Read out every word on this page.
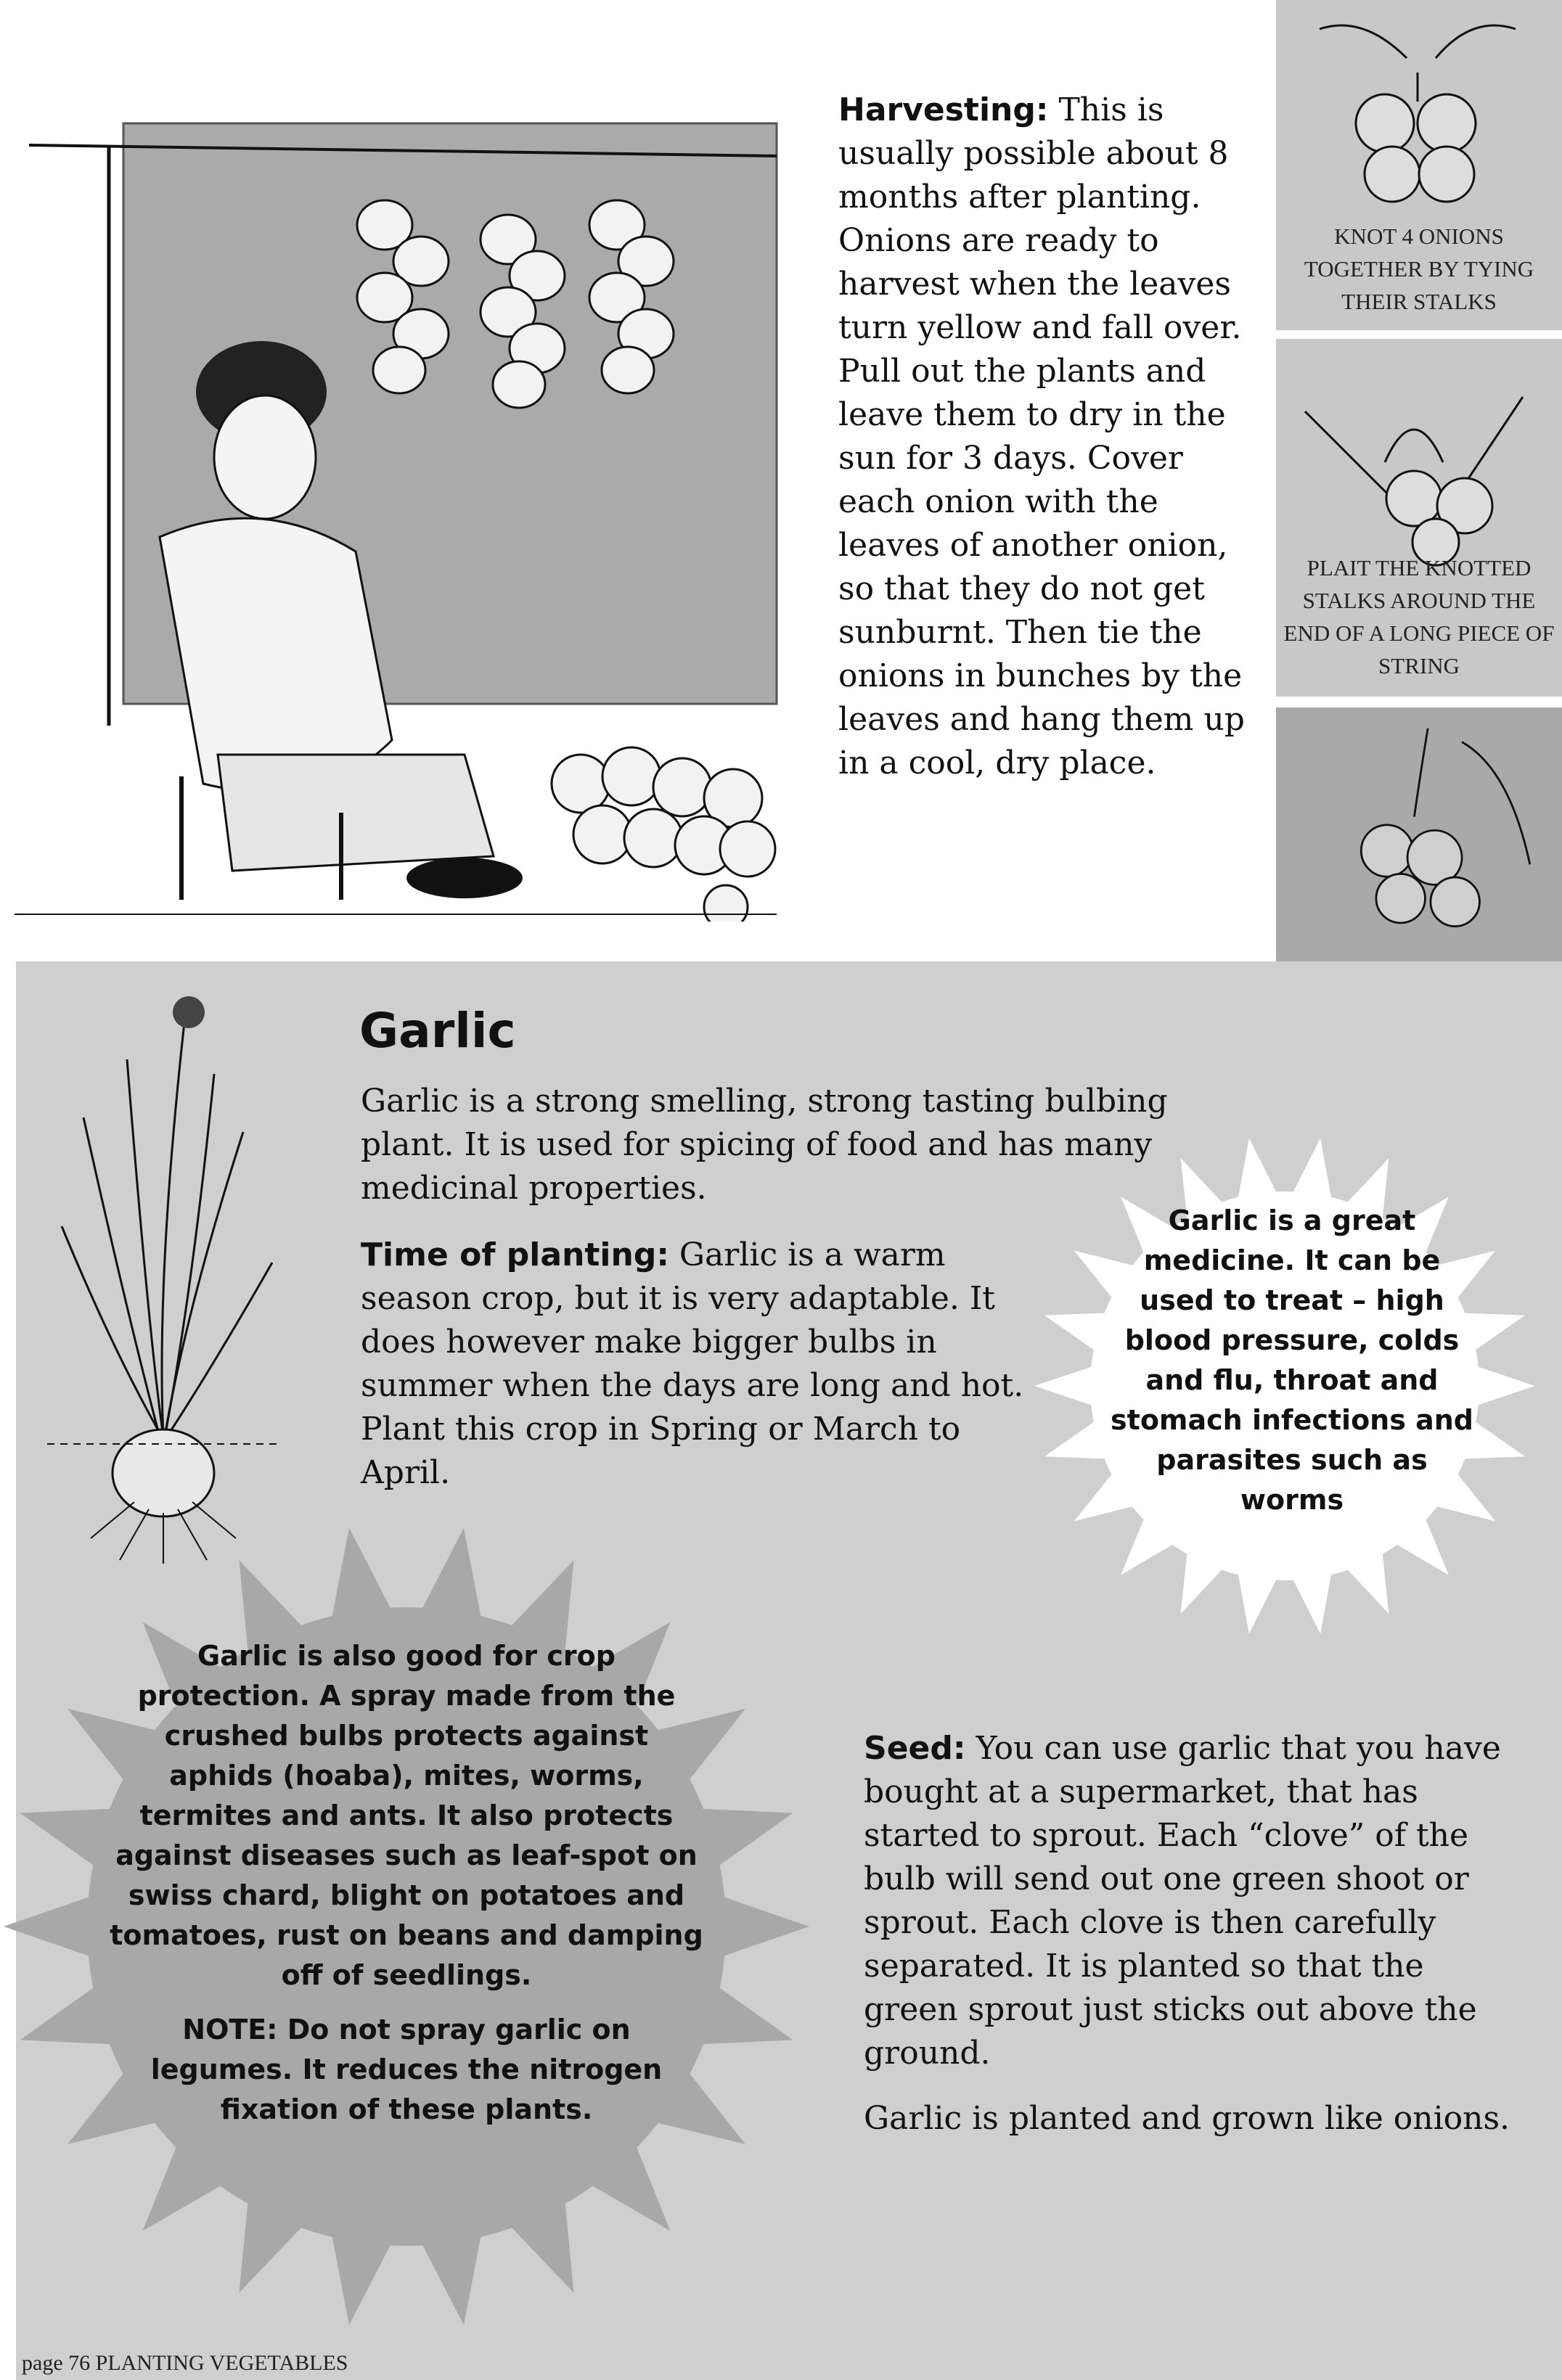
Harvesting: This is usually possible about 8 months after planting. Onions are ready to harvest when the leaves turn yellow and fall over. Pull out the plants and leave them to dry in the sun for 3 days. Cover each onion with the leaves of another onion, so that they do not get sunburnt. Then tie the onions in bunches by the leaves and hang them up in a cool, dry place.
KNOT 4 ONIONS TOGETHER BY TYING THEIR STALKS
PLAIT THE KNOTTED STALKS AROUND THE END OF A LONG PIECE OF STRING
Garlic
Garlic is a strong smelling, strong tasting bulbing plant. It is used for spicing of food and has many medicinal properties.
Time of planting: Garlic is a warm season crop, but it is very adaptable. It does however make bigger bulbs in summer when the days are long and hot. Plant this crop in Spring or March to April.
Garlic is a great medicine. It can be used to treat – high blood pressure, colds and flu, throat and stomach infections and parasites such as worms

Garlic is also good for crop protection. A spray made from the crushed bulbs protects against aphids (hoaba), mites, worms, termites and ants. It also protects against diseases such as leaf-spot on swiss chard, blight on potatoes and tomatoes, rust on beans and damping off of seedlings.

NOTE: Do not spray garlic on legumes. It reduces the nitrogen fixation of these plants.

Seed: You can use garlic that you have bought at a supermarket, that has started to sprout. Each “clove” of the bulb will send out one green shoot or sprout. Each clove is then carefully separated. It is planted so that the green sprout just sticks out above the ground.

Garlic is planted and grown like onions.

page 76 PLANTING VEGETABLES
